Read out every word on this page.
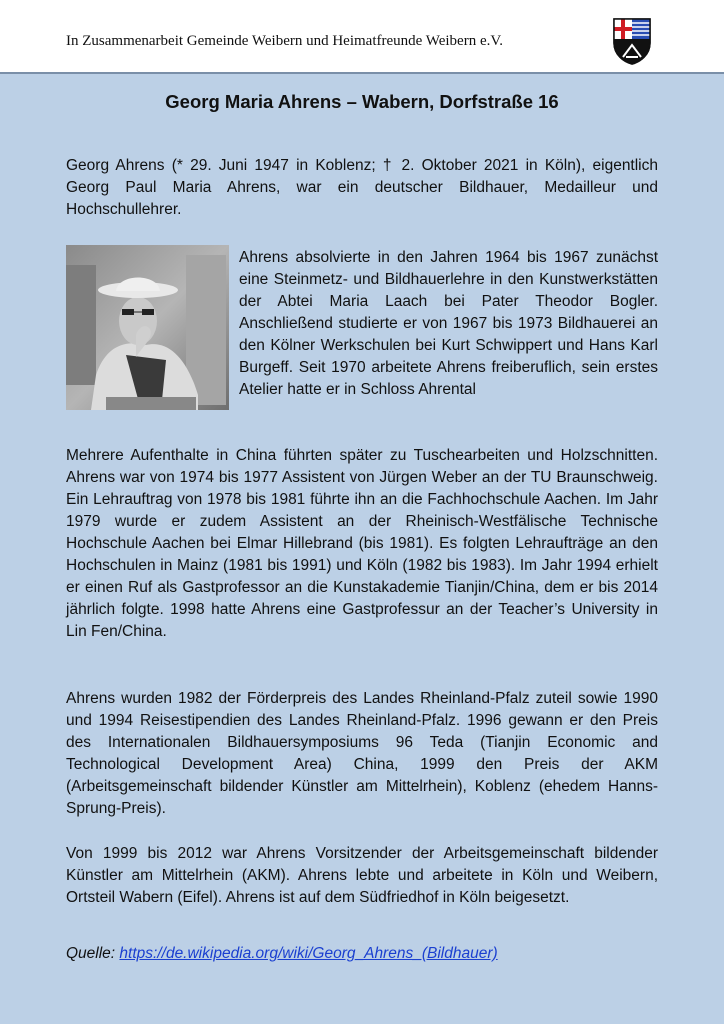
In Zusammenarbeit Gemeinde Weibern und Heimatfreunde Weibern e.V.
Georg Maria Ahrens – Wabern, Dorfstraße 16

Georg Ahrens (* 29. Juni 1947 in Koblenz; † 2. Oktober 2021 in Köln), eigentlich Georg Paul Maria Ahrens, war ein deutscher Bildhauer, Medailleur und Hochschullehrer.

Ahrens absolvierte in den Jahren 1964 bis 1967 zunächst eine Steinmetz- und Bildhauerlehre in den Kunstwerkstätten der Abtei Maria Laach bei Pater Theodor Bogler. Anschließend studierte er von 1967 bis 1973 Bildhauerei an den Kölner Werkschulen bei Kurt Schwippert und Hans Karl Burgeff. Seit 1970 arbeitete Ahrens freiberuflich, sein erstes Atelier hatte er in Schloss Ahrental

Mehrere Aufenthalte in China führten später zu Tuschearbeiten und Holzschnitten. Ahrens war von 1974 bis 1977 Assistent von Jürgen Weber an der TU Braunschweig. Ein Lehrauftrag von 1978 bis 1981 führte ihn an die Fachhochschule Aachen. Im Jahr 1979 wurde er zudem Assistent an der Rheinisch-Westfälische Technische Hochschule Aachen bei Elmar Hillebrand (bis 1981). Es folgten Lehraufträge an den Hochschulen in Mainz (1981 bis 1991) und Köln (1982 bis 1983). Im Jahr 1994 erhielt er einen Ruf als Gastprofessor an die Kunstakademie Tianjin/China, dem er bis 2014 jährlich folgte. 1998 hatte Ahrens eine Gastprofessur an der Teacher’s University in Lin Fen/China.

Ahrens wurden 1982 der Förderpreis des Landes Rheinland-Pfalz zuteil sowie 1990 und 1994 Reisestipendien des Landes Rheinland-Pfalz. 1996 gewann er den Preis des Internationalen Bildhauersymposiums 96 Teda (Tianjin Economic and Technological Development Area) China, 1999 den Preis der AKM (Arbeitsgemeinschaft bildender Künstler am Mittelrhein), Koblenz (ehedem Hanns-Sprung-Preis).

Von 1999 bis 2012 war Ahrens Vorsitzender der Arbeitsgemeinschaft bildender Künstler am Mittelrhein (AKM). Ahrens lebte und arbeitete in Köln und Weibern, Ortsteil Wabern (Eifel). Ahrens ist auf dem Südfriedhof in Köln beigesetzt.

Quelle: https://de.wikipedia.org/wiki/Georg_Ahrens_(Bildhauer)
